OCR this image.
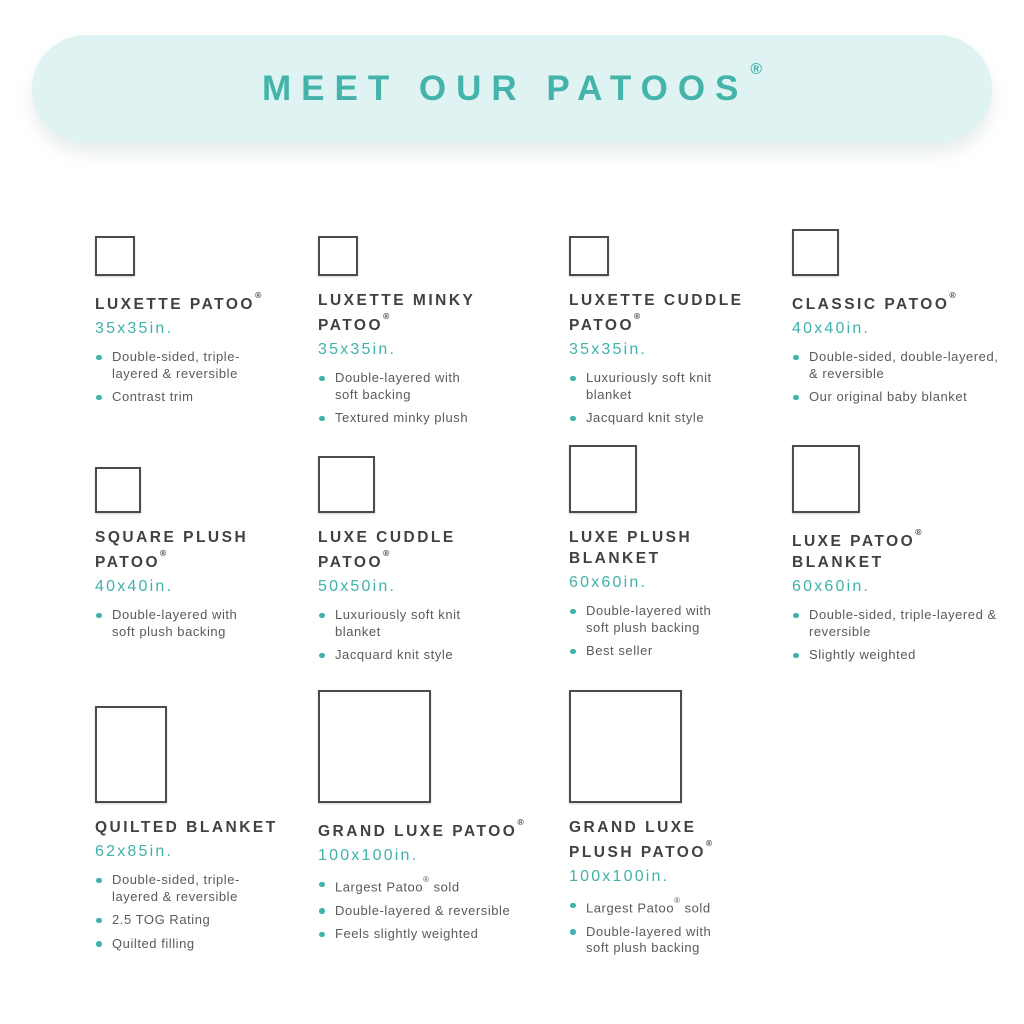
MEET OUR PATOOS ®
LUXETTE PATOO®
35x35in.
Double-sided, triple-layered & reversible
Contrast trim
LUXETTE MINKY PATOO®
35x35in.
Double-layered with soft backing
Textured minky plush
LUXETTE CUDDLE PATOO®
35x35in.
Luxuriously soft knit blanket
Jacquard knit style
CLASSIC PATOO®
40x40in.
Double-sided, double-layered, & reversible
Our original baby blanket
SQUARE PLUSH PATOO®
40x40in.
Double-layered with soft plush backing
LUXE CUDDLE PATOO®
50x50in.
Luxuriously soft knit blanket
Jacquard knit style
LUXE PLUSH BLANKET
60x60in.
Double-layered with soft plush backing
Best seller
LUXE PATOO® BLANKET
60x60in.
Double-sided, triple-layered & reversible
Slightly weighted
QUILTED BLANKET
62x85in.
Double-sided, triple-layered & reversible
2.5 TOG Rating
Quilted filling
GRAND LUXE PATOO®
100x100in.
Largest Patoo® sold
Double-layered & reversible
Feels slightly weighted
GRAND LUXE PLUSH PATOO®
100x100in.
Largest Patoo® sold
Double-layered with soft plush backing
